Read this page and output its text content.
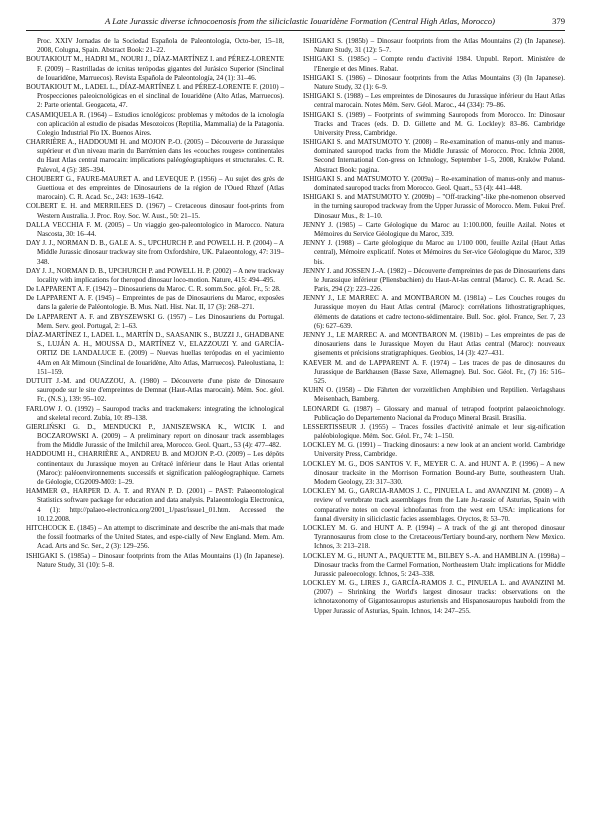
A Late Jurassic diverse ichnocoenosis from the siliciclastic Iouaridène Formation (Central High Atlas, Morocco)	379

Proc. XXIV Jornadas de la Sociedad Española de Paleontología, Octo-ber, 15–18, 2008, Colugna, Spain. Abstract Book: 21–22.

BOUTAKIOUT M., HADRI M., NOURI J., DÍAZ-MARTÍNEZ I. and PÉREZ-LORENTE F. (2009) – Rastrilladas de icnitas terópodas gigantes del Jurásico Superior (Sinclinal de Iouaridène, Marruecos). Revista Española de Paleontología, 24 (1): 31–46.

BOUTAKIOUT M., LADEL L., DÍAZ-MARTÍNEZ I. and PÉREZ-LORENTE F. (2010) – Prospecciones paleoicnológicas en el sinclinal de Iouaridène (Alto Atlas, Marruecos). 2: Parte oriental. Geogaceta, 47.

CASAMIQUELA R. (1964) – Estudios icnológicos: problemas y métodos de la icnología con aplicación al estudio de pisadas Mesozoicos (Reptilia, Mammalia) de la Patagonia. Colegio Industrial Pío IX. Buenos Aires.

CHARRIÈRE A., HADDOUMI H. and MOJON P.-O. (2005) – Découverte de Jurassique supérieur et d'un niveau marin du Barrémien dans les «couches rouges» continentales du Haut Atlas central marocain: implications paléogéographiques et structurales. C. R. Palevol, 4 (5): 385–394.

CHOUBERT G., FAURE-MAURET A. and LEVEQUE P. (1956) – Au sujet des grès de Guettioua et des empreintes de Dinosauriens de la région de l'Oued Rhzef (Atlas marocain). C. R. Acad. Sc., 243: 1639–1642.

COLBERT E. H. and MERRILEES D. (1967) – Cretaceous dinosaur foot-prints from Western Australia. J. Proc. Roy. Soc. W. Aust., 50: 21–15.

DALLA VECCHIA F. M. (2005) – Un viaggio geo-paleontologico in Marocco. Natura Nascosta, 30: 16–44.

DAY J. J., NORMAN D. B., GALE A. S., UPCHURCH P. and POWELL H. P. (2004) – A Middle Jurassic dinosaur trackway site from Oxfordshire, UK. Palaeontology, 47: 319–348.

DAY J. J., NORMAN D. B., UPCHURCH P. and POWELL H. P. (2002) – A new trackway locality with implications for theropod dinosaur loco-motion. Nature, 415: 494–495.

De LAPPARENT A. F. (1942) – Dinosauriens du Maroc. C. R. somm.Soc. géol. Fr., 5: 28.

De LAPPARENT A. F. (1945) – Empreintes de pas de Dinosauriens du Maroc, exposées dans la galerie de Paléontologie. B. Mus. Natl. Hist. Nat. II, 17 (3): 268–271.

De LAPPARENT A. F. and ZBYSZEWSKI G. (1957) – Les Dinosauriens du Portugal. Mem. Serv. geol. Portugal, 2: 1–63.

DÍAZ-MARTÍNEZ I., LADEL L., MARTÍN D., SAASANIK S., BUZZI J., GHADBANE S., LUJÁN A. H., MOUSSA D., MARTÍNEZ V., ELAZZOUZI Y. and GARCÍA-ORTIZ DE LANDALUCE E. (2009) – Nuevas huellas terópodas en el yacimiento 4Am en Aït Mimoun (Sinclinal de Iouaridène, Alto Atlas, Marruecos). Paleolustiana, 1: 151–159.

DUTUIT J.-M. and OUAZZOU, A. (1980) – Découverte d'une piste de Dinosaure sauropode sur le site d'empreintes de Demnat (Haut-Atlas marocain). Mém. Soc. géol. Fr., (N.S.), 139: 95–102.

FARLOW J. O. (1992) – Sauropod tracks and trackmakers: integrating the ichnological and skeletal record. Zubía, 10: 89–138.

GIERLIŃSKI G. D., MENDUCKI P., JANISZEWSKA K., WICIK I. and BOCZAROWSKI A. (2009) – A preliminary report on dinosaur track assemblages from the Middle Jurassic of the Imilchil area, Morocco. Geol. Quart., 53 (4): 477–482.

HADDOUMI H., CHARRIÈRE A., ANDREU B. and MOJON P.-O. (2009) – Les dépôts continentaux du Jurassique moyen au Crétacé inférieur dans le Haut Atlas oriental (Maroc): paléoenvironnements successifs et signification paléogéographique. Carnets de Géologie, CG2009-M03: 1–29.

HAMMER Ø., HARPER D. A. T. and RYAN P. D. (2001) – PAST: Palaeontological Statistics software package for education and data analysis. Palaeontologia Electronica, 4 (1): http://palaeo-electronica.org/2001_1/past/issue1_01.htm. Accessed the 10.12.2008.

HITCHCOCK E. (1845) – An attempt to discriminate and describe the ani-mals that made the fossil footmarks of the United States, and espe-cially of New England. Mem. Am. Acad. Arts and Sc. Ser., 2 (3): 129–256.

ISHIGAKI S. (1985a) – Dinosaur footprints from the Atlas Mountains (1) (In Japanese). Nature Study, 31 (10): 5–8.

ISHIGAKI S. (1985b) – Dinosaur footprints from the Atlas Mountains (2) (In Japanese). Nature Study, 31 (12): 5–7.

ISHIGAKI S. (1985c) – Compte rendu d'activité 1984. Unpubl. Report. Ministère de l'Energie et des Mines. Rabat.

ISHIGAKI S. (1986) – Dinosaur footprints from the Atlas Mountains (3) (In Japanese). Nature Study, 32 (1): 6–9.

ISHIGAKI S. (1988) – Les empreintes de Dinosaures du Jurassique inférieur du Haut Atlas central marocain. Notes Mém. Serv. Géol. Maroc., 44 (334): 79–86.

ISHIGAKI S. (1989) – Footprints of swimming Sauropods from Morocco. In: Dinosaur Tracks and Traces (eds. D. D. Gillette and M. G. Lockley): 83–86. Cambridge University Press, Cambridge.

ISHIGAKI S. and MATSUMOTO Y. (2008) – Re-examination of manus-only and manus-dominated sauropod tracks from the Middle Jurassic of Morocco. Proc. Ichnia 2008, Second International Con-gress on Ichnology, September 1–5, 2008, Kraków Poland. Abstract Book: pagina.

ISHIGAKI S. and MATSUMOTO Y. (2009a) – Re-examination of manus-only and manus-dominated sauropod tracks from Morocco. Geol. Quart., 53 (4): 441–448.

ISHIGAKI S. and MATSUMOTO Y. (2009b) – "Off-tracking"-like phe-nomenon observed in the turning sauropod trackway from the Upper Jurassic of Morocco. Mem. Fukui Pref. Dinosaur Mus., 8: 1–10.

JENNY J. (1985) – Carte Géologique du Maroc au 1:100.000, feuille Azilal. Notes et Mémoires du Service Géologique du Maroc, 339.

JENNY J. (1988) – Carte géologique du Maroc au 1/100 000, feuille Azilal (Haut Atlas central), Mémoire explicatif. Notes et Mémoires du Ser-vice Géologique du Maroc, 339 bis.

JENNY J. and JOSSEN J.-A. (1982) – Découverte d'empreintes de pas de Dinosauriens dans le Jurassique inférieur (Pliensbachien) du Haut-At-las central (Maroc). C. R. Acad. Sc. Paris, 294 (2): 223–226.

JENNY J., LE MARREC A. and MONTBARON M. (1981a) – Les Couches rouges du Jurassique moyen du Haut Atlas central (Maroc): corrélations lithostratigraphiques, éléments de datations et cadre tectono-sédimentaire. Bull. Soc. géol. France, Ser. 7, 23 (6): 627–639.

JENNY J., LE MARREC A. and MONTBARON M. (1981b) – Les empreintes de pas de dinosauriens dans le Jurassique Moyen du Haut Atlas central (Maroc): nouveaux gisements et précisions stratigraphiques. Geobios, 14 (3): 427–431.

KAEVER M. and de LAPPARENT A. F. (1974) – Les traces de pas de dinosaures du Jurassique de Barkhausen (Basse Saxe, Allemagne). Bul. Soc. Géol. Fr., (7) 16: 516–525.

KUHN O. (1958) – Die Fährten der vorzeitlichen Amphibien und Reptilien. Verlagshaus Meisenbach, Bamberg.

LEONARDI G. (1987) – Glossary and manual of tetrapod footprint palaeoichnology. Publicação do Departemento Nacional da Produço Mineral Brasil. Brasília.

LESSERTISSEUR J. (1955) – Traces fossiles d'activité animale et leur sig-nification paléobiologique. Mém. Soc. Géol. Fr., 74: 1–150.

LOCKLEY M. G. (1991) – Tracking dinosaurs: a new look at an ancient world. Cambridge University Press, Cambridge.

LOCKLEY M. G., DOS SANTOS V. F., MEYER C. A. and HUNT A. P. (1996) – A new dinosaur tracksite in the Morrison Formation Bound-ary Butte, southeastern Utah. Modern Geology, 23: 317–330.

LOCKLEY M. G., GARCIA-RAMOS J. C., PINUELA L. and AVANZINI M. (2008) – A review of vertebrate track assemblages from the Late Ju-rassic of Asturias, Spain with comparative notes on coeval ichnofaunas from the west ern USA: implications for faunal diversity in siliciclastic facies assemblages. Oryctos, 8: 53–70.

LOCKLEY M. G. and HUNT A. P. (1994) – A track of the gi ant theropod dinosaur Tyrannosaurus from close to the Cretaceous/Tertiary bound-ary, northern New Mexico. Ichnos, 3: 213–218.

LOCKLEY M. G., HUNT A., PAQUETTE M., BILBEY S.-A. and HAMBLIN A. (1998a) – Dinosaur tracks from the Carmel Formation, Northeastern Utah: implications for Middle Jurassic paleoecology. Ichnos, 5: 243–338.

LOCKLEY M. G., LIRES J., GARCÍA-RAMOS J. C., PINUELA L. and AVANZINI M. (2007) – Shrinking the World's largest dinosaur tracks: observations on the ichnotaxonomy of Gigantosauropus asturiensis and Hispanosauropus hauboldi from the Upper Jurassic of Asturias, Spain. Ichnos, 14: 247–255.
